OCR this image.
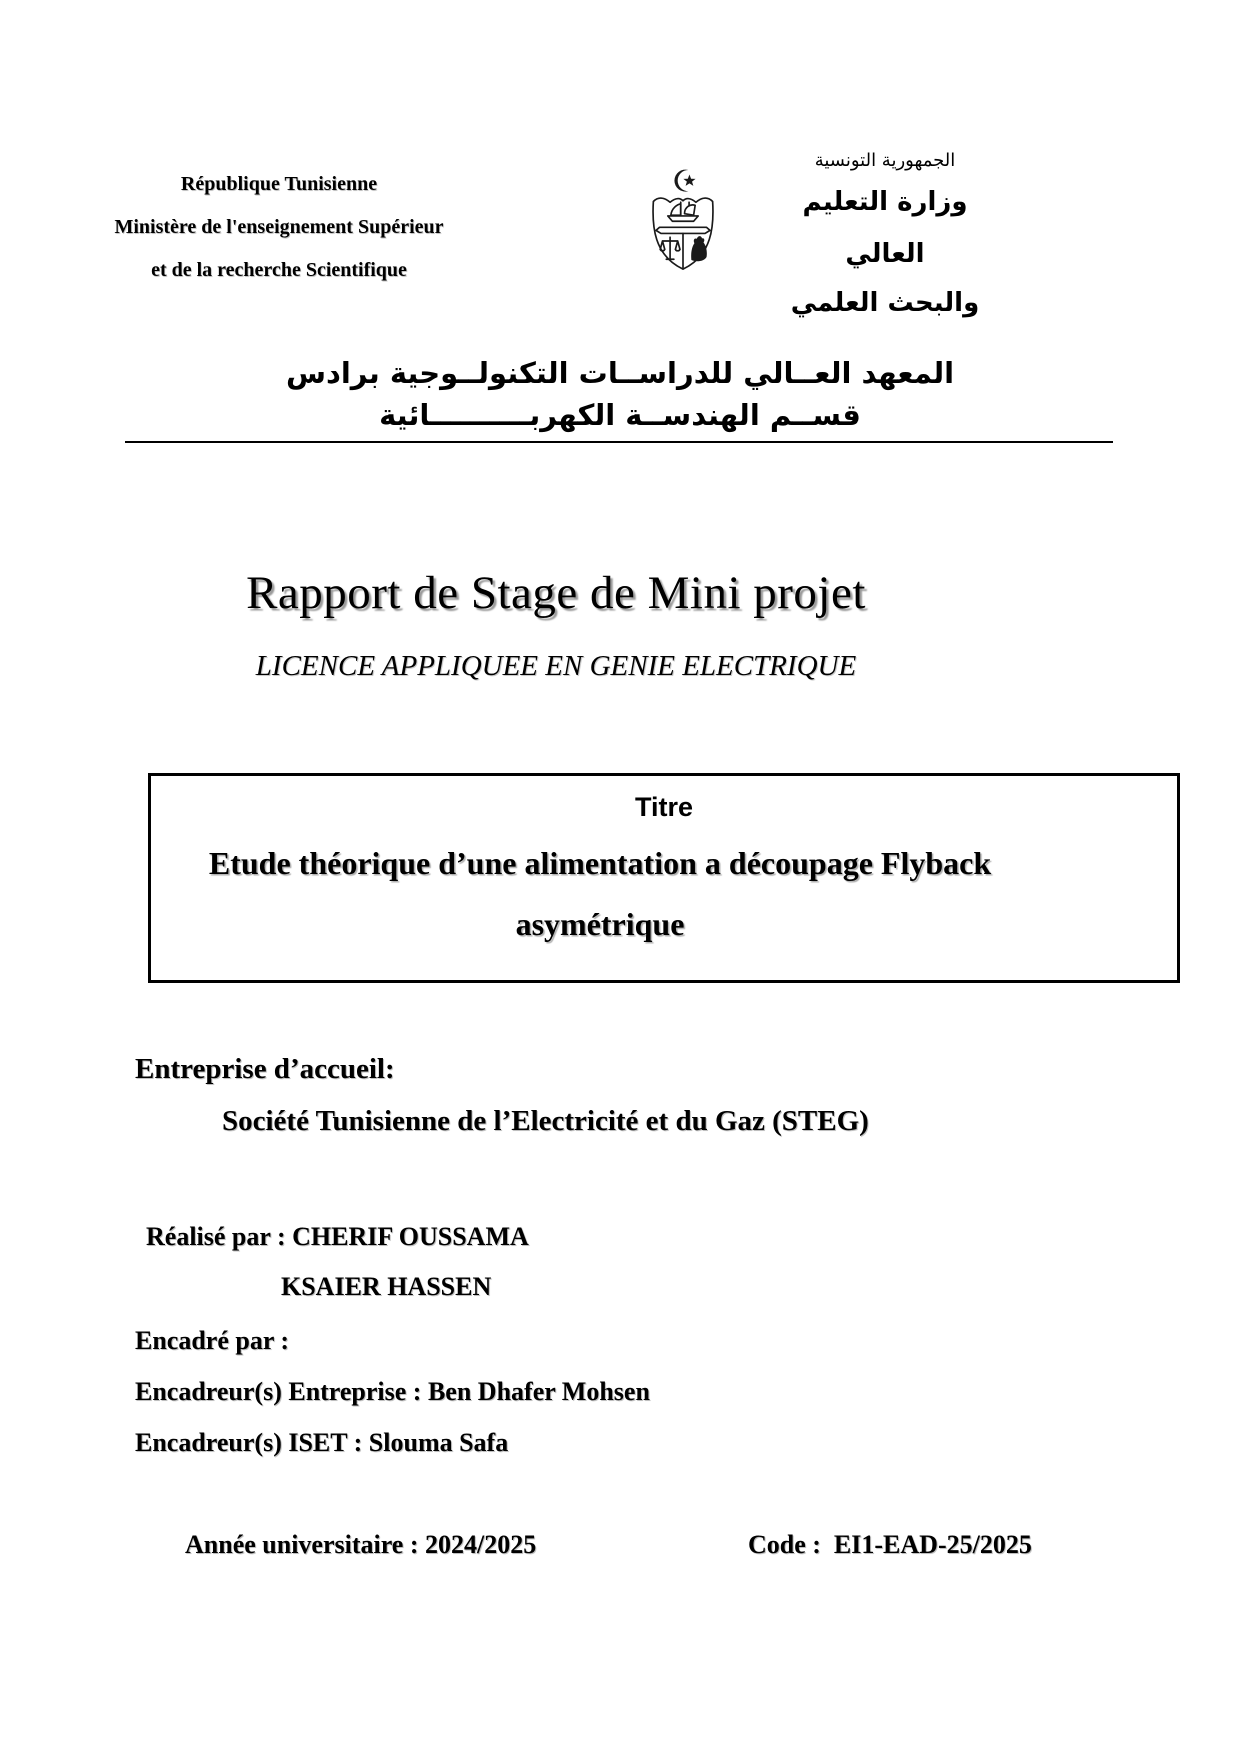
République Tunisienne
Ministère de l'enseignement Supérieur
et de la recherche Scientifique
الجمهورية التونسية
وزارة التعليم العالي
والبحث العلمي
المعهد العــالي للدراســات التكنولــوجية برادس
قســم الهندســة الكهربــــــــــائية
Rapport de Stage de Mini projet
LICENCE APPLIQUEE EN GENIE ELECTRIQUE
Titre
Etude théorique d’une alimentation a découpage Flyback
asymétrique
Entreprise d’accueil:
Société Tunisienne de l’Electricité et du Gaz (STEG)
Réalisé par : CHERIF OUSSAMA
KSAIER HASSEN
Encadré par :
Encadreur(s) Entreprise : Ben Dhafer Mohsen
Encadreur(s) ISET : Slouma Safa
Année universitaire : 2024/2025	Code :  EI1-EAD-25/2025
